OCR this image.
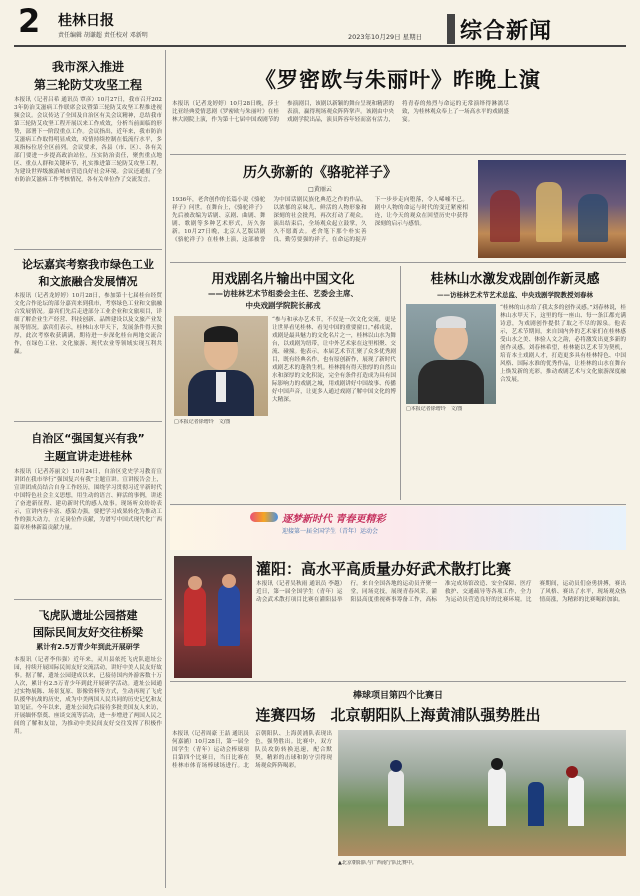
2 桂林日报
责任编辑 胡谦超 责任校对 邓新明	2023年10月29日 星期日 综合新闻
我市深入推进
第三轮防艾攻坚工程
本报讯（记者吕希 通讯员 覃彦）10月27日，我市召开2023年防治艾滋病工作联席会议暨第三轮防艾攻坚工程推进视频会议。会议传达了全国及自治区有关会议精神，总结我市第三轮防艾攻坚工程开展以来工作成效，分析当前面临的形势，部署下一阶段重点工作。会议指出，近年来，我市防治艾滋病工作取得明显成效，疫情持续控制在低流行水平，多项指标位居全区前列。会议要求，各县（市、区）、各有关部门要进一步提高政治站位，压实防治责任，聚焦重点地区、重点人群和关键环节，扎实推进第三轮防艾攻坚工程，为建设世界级旅游城市营造良好社会环境。会议还通报了全市防治艾滋病工作考核情况，各有关单位作了交流发言。
论坛嘉宾考察我市绿色工业
和文旅融合发展情况
本报讯（记者龙婷婷）10月28日，参加第十七届桂台经贸文化合作论坛的部分嘉宾来到我市，考察绿色工业和文旅融合发展情况。嘉宾们先后走进部分工业企业和文旅项目，详细了解企业生产经营、科技创新、品牌建设以及文旅产业发展等情况。嘉宾们表示，桂林山水甲天下，发展条件得天独厚，此次考察收获满满，期待进一步深化桂台两地交流合作，在绿色工业、文化旅游、现代农业等领域实现互利共赢。
自治区“强国复兴有我”
主题宣讲走进桂林
本报讯（记者苏丽文）10月24日，自治区党史学习教育宣讲团在我市举行“强国复兴有我”主题宣讲。宣讲报告会上，宣讲团成员结合自身工作经历，围绕学习贯彻习近平新时代中国特色社会主义思想，用生动的语言、鲜活的事例，讲述了奋进新征程、建功新时代的感人故事。现场听众纷纷表示，宣讲内容丰富、感染力强，要把学习成果转化为推动工作的强大动力，立足岗位作贡献，为谱写中国式现代化广西篇章桂林新篇贡献力量。
飞虎队遗址公园搭建
国际民间友好交往桥梁
累计有2.5万青少年到此开展研学
本报讯（记者李伟强）近年来，灵川县依托飞虎队遗址公园，持续开展国际民间友好交流活动，讲好中美人民友好故事。据了解，遗址公园建成以来，已接待国内外游客数十万人次，累计有2.5万青少年到此开展研学活动。遗址公园通过实物展陈、场景复原、影像资料等方式，生动再现了飞虎队援华抗战的历史，成为中美两国人民共同的历史记忆和友谊见证。今年以来，遗址公园先后接待多批美国友人来访，开展缅怀祭奠、座谈交流等活动，进一步增进了两国人民之间的了解和友谊，为推动中美民间友好交往发挥了积极作用。
《罗密欧与朱丽叶》昨晚上演
本报讯（记者龙婷婷）10月28日晚，莎士比亚经典爱情悲剧《罗密欧与朱丽叶》在桂林大剧院上演，作为第十七届中国戏剧节的参演剧目，该剧以新颖的舞台呈现和精湛的表演，赢得现场观众阵阵掌声。该剧由中央戏剧学院出品，演员阵容年轻而富有活力，将青春的热烈与命运的无常演绎得淋漓尽致，为桂林观众奉上了一场高水平的戏剧盛宴。
历久弥新的《骆驼祥子》
□黄丽云
1936年，老舍创作的长篇小说《骆驼祥子》问世。在舞台上，《骆驼祥子》先后被改编为话剧、京剧、曲剧、舞剧、歌剧等多种艺术形式，历久弥新。10月27日晚，北京人艺版话剧《骆驼祥子》在桂林上演，这部被誉为中国话剧民族化典范之作的作品，以浓郁的京味儿、鲜活的人物形象和深刻的社会批判，再次打动了观众。演出结束后，全场观众起立鼓掌，久久不愿离去。老舍笔下那个朴实善良、勤劳要强的祥子，在命运的捉弄下一步步走向堕落，令人唏嘘不已。剧中人物的命运与时代的变迁紧密相连，让今天的观众在回望历史中获得深刻的启示与感悟。
用戏剧名片输出中国文化
——访桂林艺术节组委会主任、艺委会主席、
中央戏剧学院院长郝戎
□本报记者徐增玲　文/图
“参与和承办艺术节，不仅是一次文化交流，更是让世界看见桂林、看见中国的重要窗口。”郝戎说，戏剧是最具魅力的文化名片之一，桂林以山水为舞台，以戏剧为纽带，让中外艺术家在这里相聚、交流、碰撞。他表示，本届艺术节汇聚了众多优秀剧目，既有经典名作，也有原创新作，展现了新时代戏剧艺术的蓬勃生机。桂林拥有得天独厚的自然山水和深厚的文化积淀，完全有条件打造成为具有国际影响力的戏剧之城，用戏剧讲好中国故事、传播好中国声音，让更多人通过戏剧了解中国文化的博大精深。
桂林山水激发戏剧创作新灵感
——访桂林艺术节艺术总监、中央戏剧学院教授刘春林
□本报记者徐增玲　文/图
“桂林的山水给了我太多的创作灵感。”刘春林说，桂林山水甲天下，这里的每一座山、每一条江都充满诗意，为戏剧创作提供了取之不尽的源泉。他表示，艺术节期间，来自国内外的艺术家们在桂林感受山水之美、体验人文之韵，必将激发出更多新的创作灵感。刘春林希望，桂林能以艺术节为契机，培育本土戏剧人才，打造更多具有桂林特色、中国风格、国际水准的优秀作品，让桂林的山水在舞台上焕发新的光彩，推动戏剧艺术与文化旅游深度融合发展。
逐梦新时代 青春更精彩
迎接第一届全国学生（青年）运动会
灌阳：高水平高质量办好武术散打比赛
本报讯（记者吴秋雨 通讯员 李越）近日，第一届全国学生（青年）运动会武术散打项目比赛在灌阳县举行。来自全国各地的运动员齐聚一堂，同场竞技，展现青春风采。灌阳县高度重视赛事筹备工作，高标准完成场馆改造、安全保障、医疗救护、交通疏导等各项工作，全力为运动员营造良好的比赛环境。比赛期间，运动员们奋勇拼搏，赛出了风格、赛出了水平，现场观众热情高涨，为精彩的比赛喝彩加油。
棒球项目第四个比赛日
连赛四场　北京朝阳队上海黄浦队强势胜出
本报讯（记者周豪 王喆 通讯员 何嘉涵）10月28日，第一届全国学生（青年）运动会棒球项目第四个比赛日，当日比赛在桂林市体育场棒球场进行。北京朝阳队、上海黄浦队表现出色，强势胜出。比赛中，双方队员攻防转换迅速，配合默契，精彩的击球和防守引得现场观众阵阵喝彩。
▲北京朝阳队与广西南宁队比赛中。
